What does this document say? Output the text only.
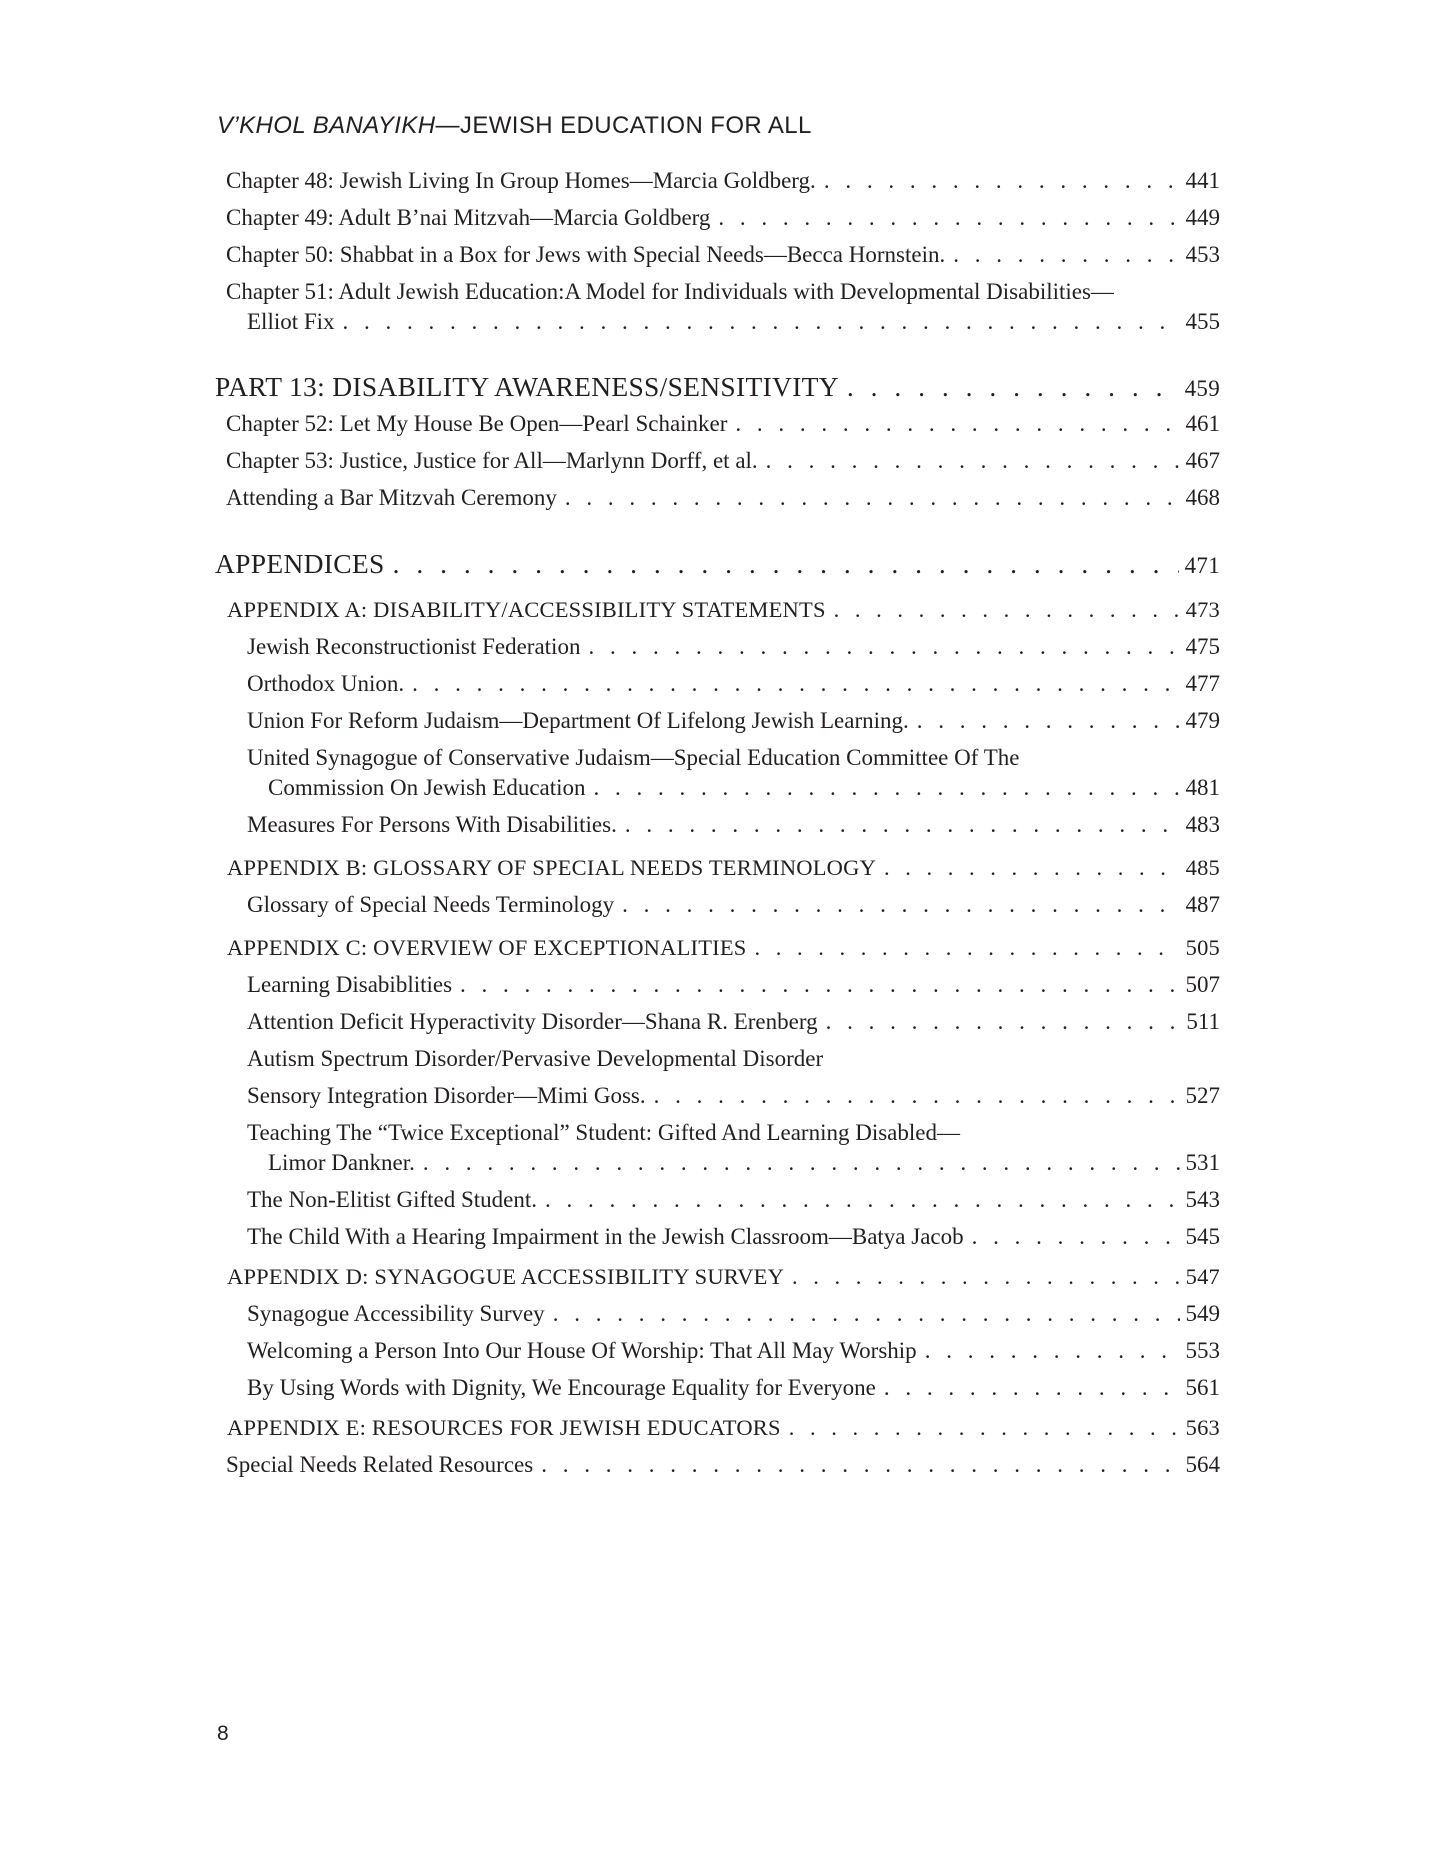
V’KHOL BANAYIKH—JEWISH EDUCATION FOR ALL
Chapter 48: Jewish Living In Group Homes—Marcia Goldberg. . . .	441
Chapter 49: Adult B’nai Mitzvah—Marcia Goldberg . . .	449
Chapter 50: Shabbat in a Box for Jews with Special Needs—Becca Hornstein. . . .	453
Chapter 51: Adult Jewish Education:A Model for Individuals with Developmental Disabilities—
Elliot Fix . . .	455
PART 13: DISABILITY AWARENESS/SENSITIVITY . . .	459
Chapter 52: Let My House Be Open—Pearl Schainker . . .	461
Chapter 53: Justice, Justice for All—Marlynn Dorff, et al. . . .	467
Attending a Bar Mitzvah Ceremony . . .	468
APPENDICES . . .	471
APPENDIX A: DISABILITY/ACCESSIBILITY STATEMENTS . . .	473
Jewish Reconstructionist Federation . . .	475
Orthodox Union. . . .	477
Union For Reform Judaism—Department Of Lifelong Jewish Learning. . . .	479
United Synagogue of Conservative Judaism—Special Education Committee Of The
Commission On Jewish Education . . .	481
Measures For Persons With Disabilities. . . .	483
APPENDIX B: GLOSSARY OF SPECIAL NEEDS TERMINOLOGY . . .	485
Glossary of Special Needs Terminology . . .	487
APPENDIX C: OVERVIEW OF EXCEPTIONALITIES . . .	505
Learning Disabiblities . . .	507
Attention Deficit Hyperactivity Disorder—Shana R. Erenberg . . .	511
Autism Spectrum Disorder/Pervasive Developmental Disorder
Sensory Integration Disorder—Mimi Goss. . . .	527
Teaching The “Twice Exceptional” Student: Gifted And Learning Disabled—
Limor Dankner. . . .	531
The Non-Elitist Gifted Student. . . .	543
The Child With a Hearing Impairment in the Jewish Classroom—Batya Jacob . . .	545
APPENDIX D: SYNAGOGUE ACCESSIBILITY SURVEY . . .	547
Synagogue Accessibility Survey . . .	549
Welcoming a Person Into Our House Of Worship: That All May Worship . . .	553
By Using Words with Dignity, We Encourage Equality for Everyone . . .	561
APPENDIX E: RESOURCES FOR JEWISH EDUCATORS . . .	563
Special Needs Related Resources . . .	564
8
